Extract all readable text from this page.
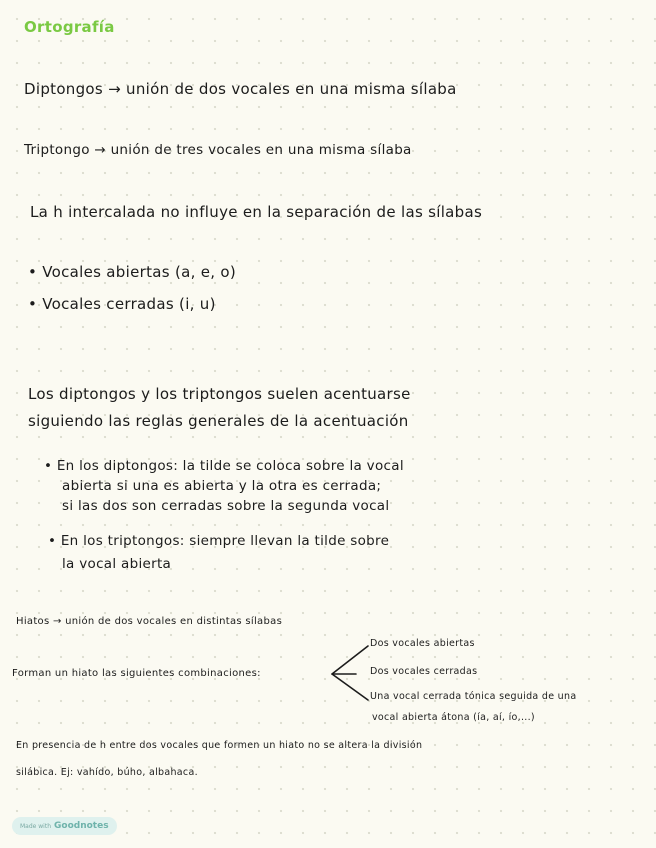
Ortografía
Diptongos → unión de dos vocales en una misma sílaba
Triptongo → unión de tres vocales en una misma sílaba
La h intercalada no influye en la separación de las sílabas
• Vocales abiertas (a, e, o)
• Vocales cerradas (i, u)
Los diptongos y los triptongos suelen acentuarse
siguiendo las reglas generales de la acentuación
• En los diptongos: la tilde se coloca sobre la vocal
abierta si una es abierta y la otra es cerrada;
si las dos son cerradas sobre la segunda vocal
• En los triptongos: siempre llevan la tilde sobre
la vocal abierta
Hiatos → unión de dos vocales en distintas sílabas
Forman un hiato las siguientes combinaciones:
Dos vocales abiertas
Dos vocales cerradas
Una vocal cerrada tónica seguida de una
vocal abierta átona (ía, aí, ío,...)
En presencia de h entre dos vocales que formen un hiato no se altera la división
silábica. Ej: vahído, búho, albahaca.
Made with Goodnotes
